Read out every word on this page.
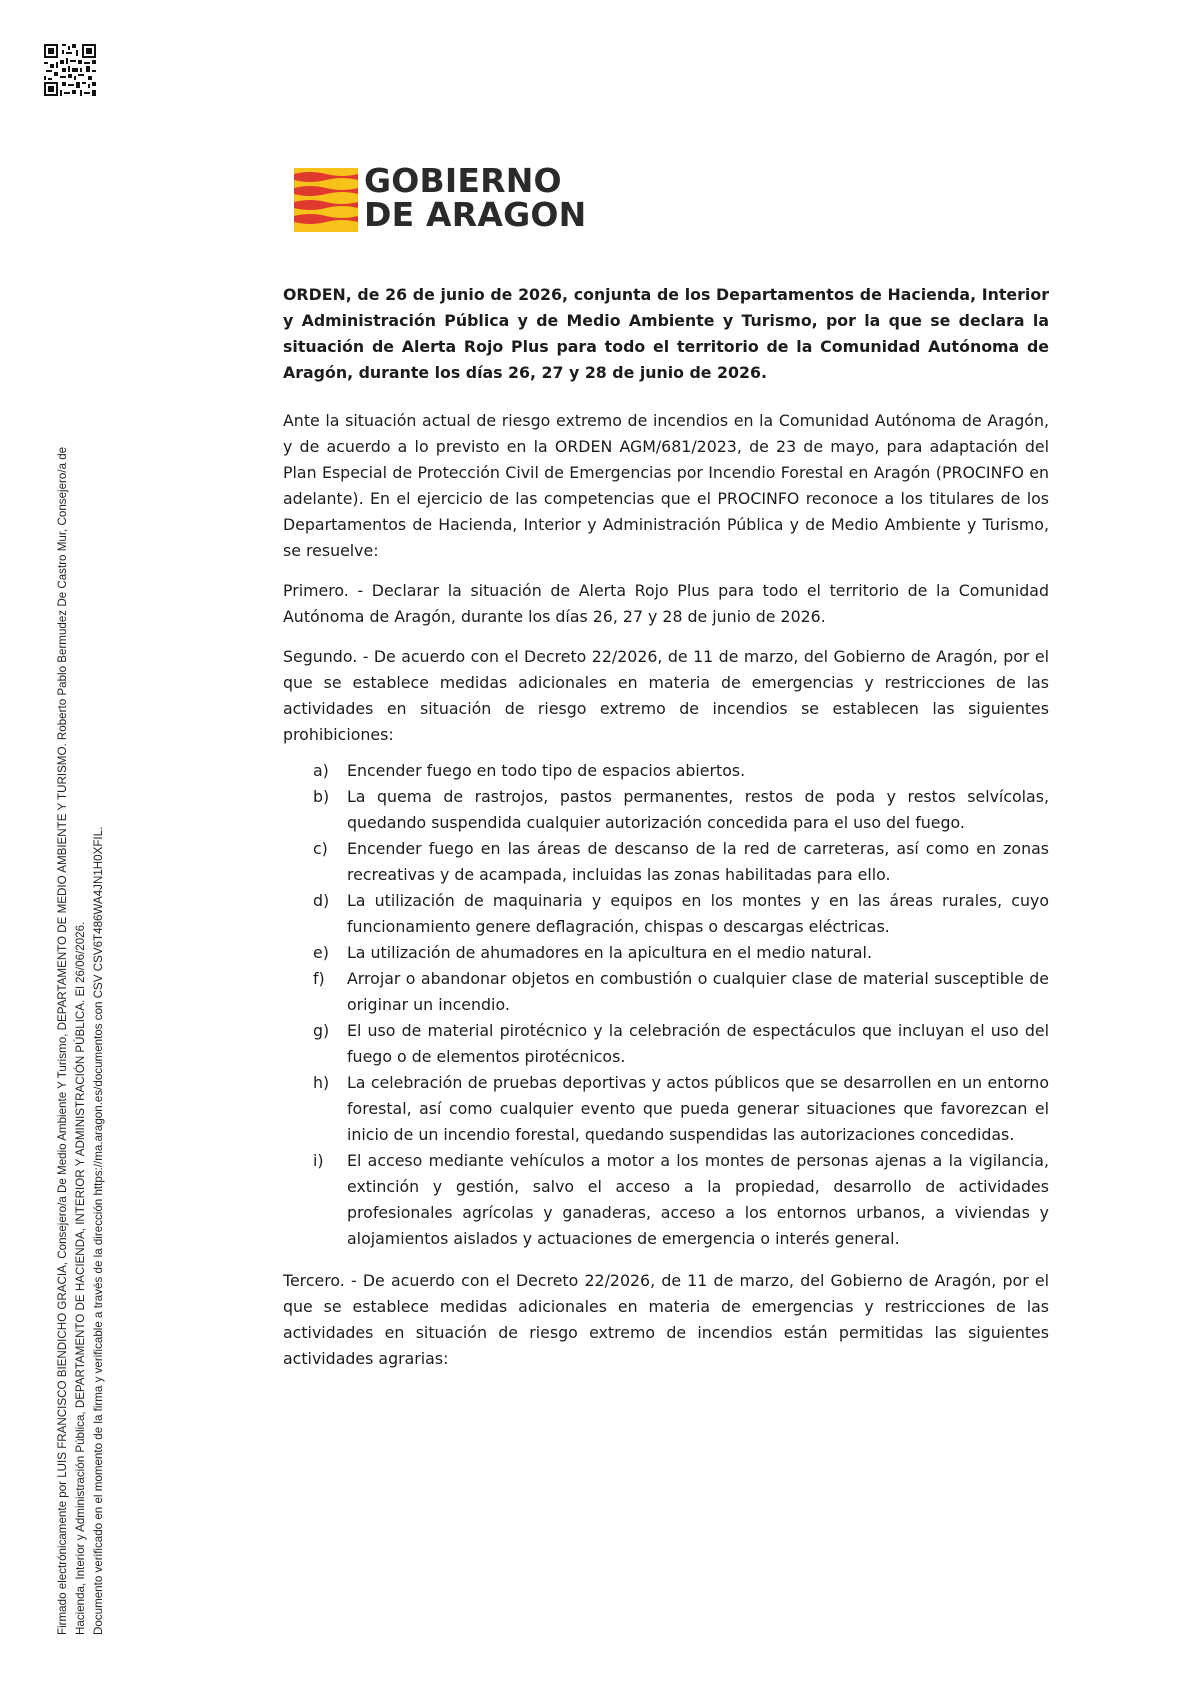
Firmado electrónicamente por LUIS FRANCISCO BIENDICHO GRACIA, Consejero/a De Medio Ambiente Y Turismo, DEPARTAMENTO DE MEDIO AMBIENTE Y TURISMO. Roberto Pablo Bermudez De Castro Mur, Consejero/a de Hacienda, Interior y Administración Pública, DEPARTAMENTO DE HACIENDA, INTERIOR Y ADMINISTRACIÓN PÚBLICA. El 26/06/2026. Documento verificado en el momento de la firma y verificable a través de la dirección https://ma.aragon.es/documentos con CSV CSV6T486WA4JN1H0XFIL.
GOBIERNO
DE ARAGON

ORDEN, de 26 de junio de 2026, conjunta de los Departamentos de Hacienda, Interior y Administración Pública y de Medio Ambiente y Turismo, por la que se declara la situación de Alerta Rojo Plus para todo el territorio de la Comunidad Autónoma de Aragón, durante los días 26, 27 y 28 de junio de 2026.

Ante la situación actual de riesgo extremo de incendios en la Comunidad Autónoma de Aragón, y de acuerdo a lo previsto en la ORDEN AGM/681/2023, de 23 de mayo, para adaptación del Plan Especial de Protección Civil de Emergencias por Incendio Forestal en Aragón (PROCINFO en adelante). En el ejercicio de las competencias que el PROCINFO reconoce a los titulares de los Departamentos de Hacienda, Interior y Administración Pública y de Medio Ambiente y Turismo, se resuelve:

Primero. - Declarar la situación de Alerta Rojo Plus para todo el territorio de la Comunidad Autónoma de Aragón, durante los días 26, 27 y 28 de junio de 2026.

Segundo. - De acuerdo con el Decreto 22/2026, de 11 de marzo, del Gobierno de Aragón, por el que se establece medidas adicionales en materia de emergencias y restricciones de las actividades en situación de riesgo extremo de incendios se establecen las siguientes prohibiciones:

a) Encender fuego en todo tipo de espacios abiertos.
b) La quema de rastrojos, pastos permanentes, restos de poda y restos selvícolas, quedando suspendida cualquier autorización concedida para el uso del fuego.
c) Encender fuego en las áreas de descanso de la red de carreteras, así como en zonas recreativas y de acampada, incluidas las zonas habilitadas para ello.
d) La utilización de maquinaria y equipos en los montes y en las áreas rurales, cuyo funcionamiento genere deflagración, chispas o descargas eléctricas.
e) La utilización de ahumadores en la apicultura en el medio natural.
f) Arrojar o abandonar objetos en combustión o cualquier clase de material susceptible de originar un incendio.
g) El uso de material pirotécnico y la celebración de espectáculos que incluyan el uso del fuego o de elementos pirotécnicos.
h) La celebración de pruebas deportivas y actos públicos que se desarrollen en un entorno forestal, así como cualquier evento que pueda generar situaciones que favorezcan el inicio de un incendio forestal, quedando suspendidas las autorizaciones concedidas.
i) El acceso mediante vehículos a motor a los montes de personas ajenas a la vigilancia, extinción y gestión, salvo el acceso a la propiedad, desarrollo de actividades profesionales agrícolas y ganaderas, acceso a los entornos urbanos, a viviendas y alojamientos aislados y actuaciones de emergencia o interés general.

Tercero. - De acuerdo con el Decreto 22/2026, de 11 de marzo, del Gobierno de Aragón, por el que se establece medidas adicionales en materia de emergencias y restricciones de las actividades en situación de riesgo extremo de incendios están permitidas las siguientes actividades agrarias:
